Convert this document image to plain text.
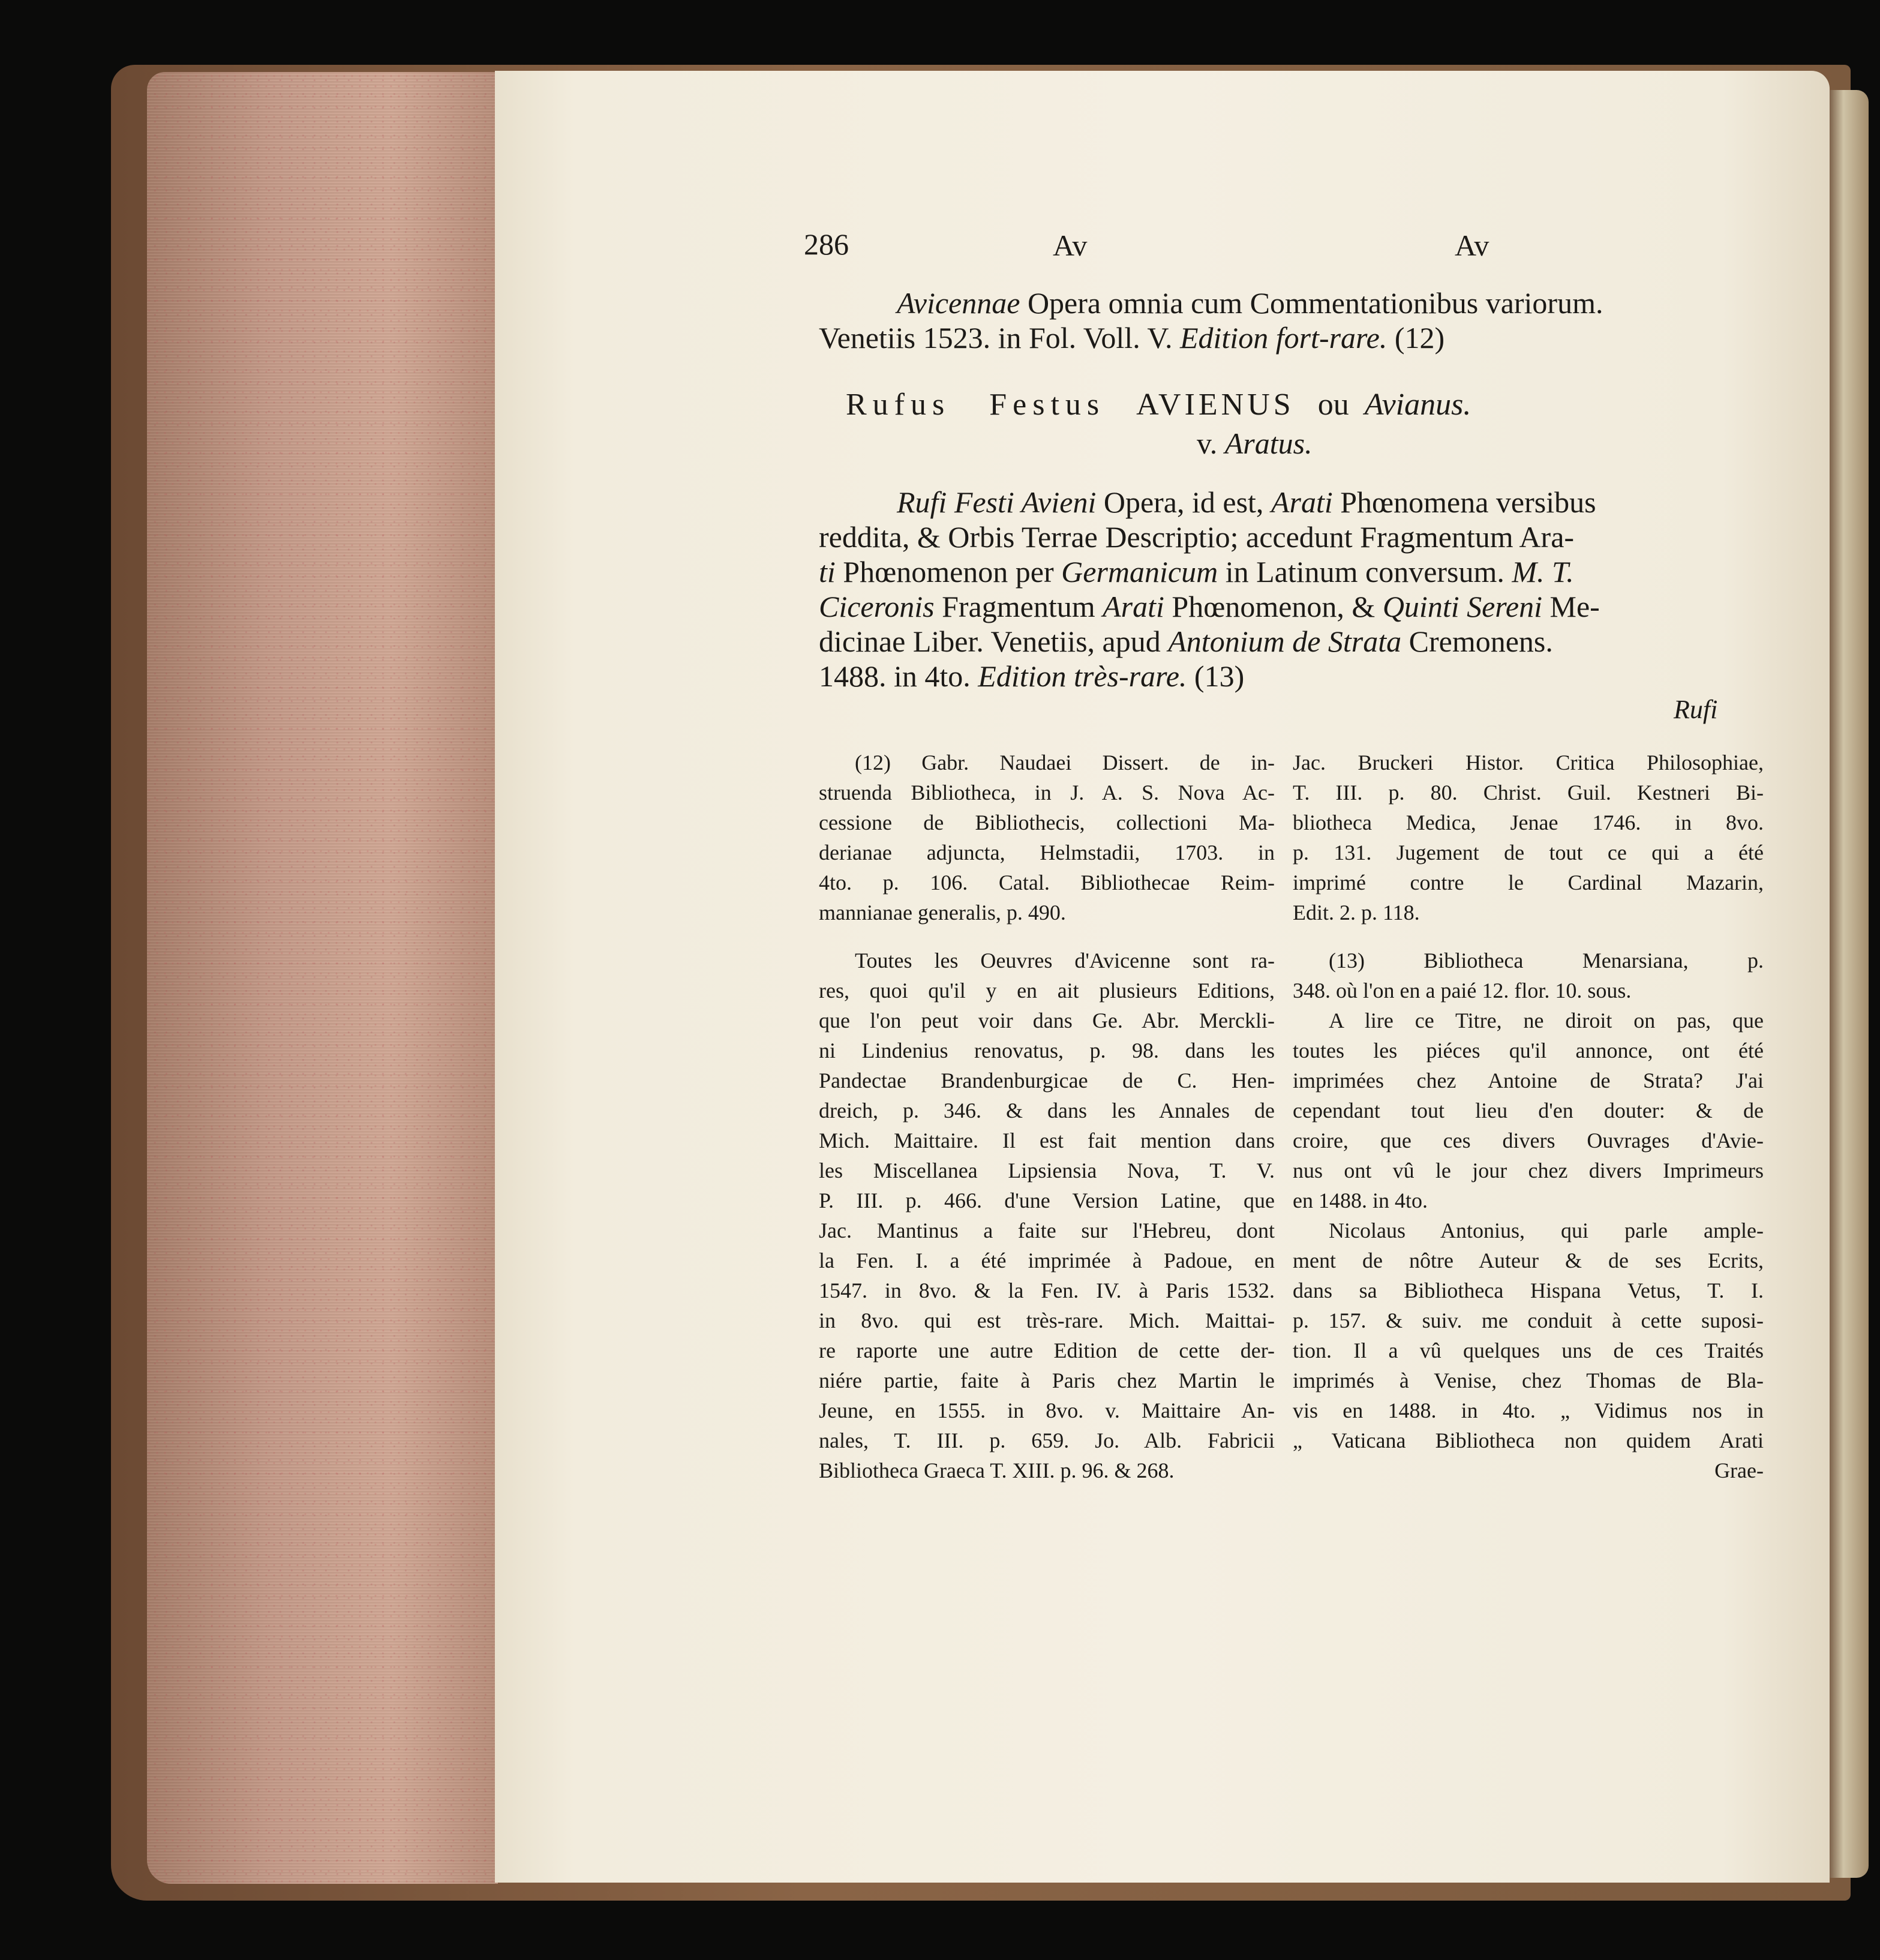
286	Av	Av
Avicennae Opera omnia cum Commentationibus variorum.
Venetiis 1523. in Fol. Voll. V. Edition fort-rare. (12)
Rufus Festus AVIENUS ou Avianus.
v. Aratus.
Rufi Festi Avieni Opera, id est, Arati Phœnomena versibus
reddita, & Orbis Terrae Descriptio; accedunt Fragmentum Ara-
ti Phœnomenon per Germanicum in Latinum conversum. M. T.
Ciceronis Fragmentum Arati Phœnomenon, & Quinti Sereni Me-
dicinae Liber. Venetiis, apud Antonium de Strata Cremonens.
1488. in 4to. Edition très-rare. (13)
Rufi
(12) Gabr. Naudaei Dissert. de in-
struenda Bibliotheca, in J. A. S. Nova Ac-
cessione de Bibliothecis, collectioni Ma-
derianae adjuncta, Helmstadii, 1703. in
4to. p. 106. Catal. Bibliothecae Reim-
mannianae generalis, p. 490.
Toutes les Oeuvres d'Avicenne sont ra-
res, quoi qu'il y en ait plusieurs Editions,
que l'on peut voir dans Ge. Abr. Merckli-
ni Lindenius renovatus, p. 98. dans les
Pandectae Brandenburgicae de C. Hen-
dreich, p. 346. & dans les Annales de
Mich. Maittaire. Il est fait mention dans
les Miscellanea Lipsiensia Nova, T. V.
P. III. p. 466. d'une Version Latine, que
Jac. Mantinus a faite sur l'Hebreu, dont
la Fen. I. a été imprimée à Padoue, en
1547. in 8vo. & la Fen. IV. à Paris 1532.
in 8vo. qui est très-rare. Mich. Maittai-
re raporte une autre Edition de cette der-
niére partie, faite à Paris chez Martin le
Jeune, en 1555. in 8vo. v. Maittaire An-
nales, T. III. p. 659. Jo. Alb. Fabricii
Bibliotheca Graeca T. XIII. p. 96. & 268.
Jac. Bruckeri Histor. Critica Philosophiae,
T. III. p. 80. Christ. Guil. Kestneri Bi-
bliotheca Medica, Jenae 1746. in 8vo.
p. 131. Jugement de tout ce qui a été
imprimé contre le Cardinal Mazarin,
Edit. 2. p. 118.
(13) Bibliotheca Menarsiana, p.
348. où l'on en a paié 12. flor. 10. sous.
A lire ce Titre, ne diroit on pas, que
toutes les piéces qu'il annonce, ont été
imprimées chez Antoine de Strata? J'ai
cependant tout lieu d'en douter: & de
croire, que ces divers Ouvrages d'Avie-
nus ont vû le jour chez divers Imprimeurs
en 1488. in 4to.
Nicolaus Antonius, qui parle ample-
ment de nôtre Auteur & de ses Ecrits,
dans sa Bibliotheca Hispana Vetus, T. I.
p. 157. & suiv. me conduit à cette suposi-
tion. Il a vû quelques uns de ces Traités
imprimés à Venise, chez Thomas de Bla-
vis en 1488. in 4to. „ Vidimus nos in
„ Vaticana Bibliotheca non quidem Arati
Grae-
